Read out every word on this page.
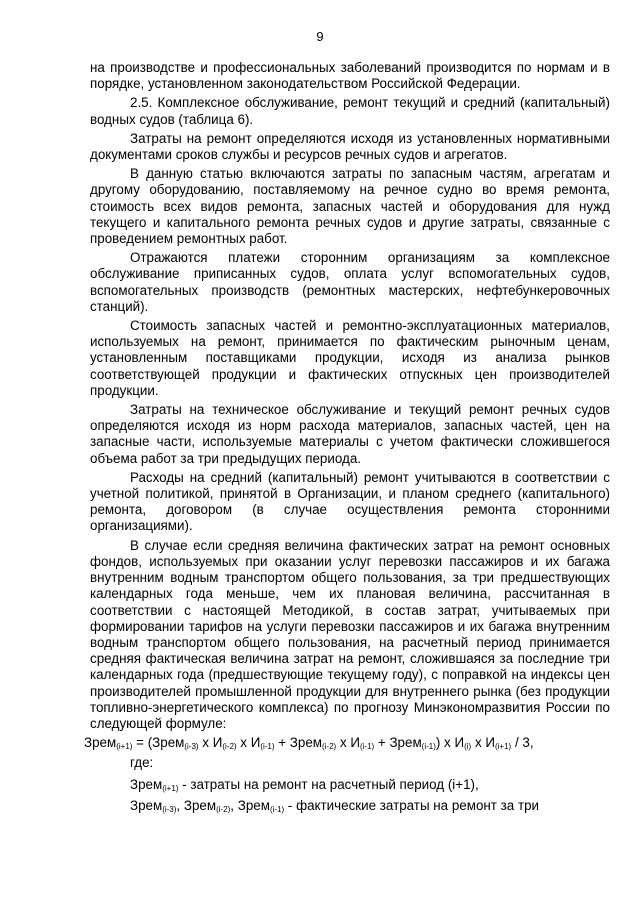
9

на производстве и профессиональных заболеваний производится по нормам и в порядке, установленном законодательством Российской Федерации.

2.5. Комплексное обслуживание, ремонт текущий и средний (капитальный) водных судов (таблица 6).

Затраты на ремонт определяются исходя из установленных нормативными документами сроков службы и ресурсов речных судов и агрегатов.

В данную статью включаются затраты по запасным частям, агрегатам и другому оборудованию, поставляемому на речное судно во время ремонта, стоимость всех видов ремонта, запасных частей и оборудования для нужд текущего и капитального ремонта речных судов и другие затраты, связанные с проведением ремонтных работ.

Отражаются платежи сторонним организациям за комплексное обслуживание приписанных судов, оплата услуг вспомогательных судов, вспомогательных производств (ремонтных мастерских, нефтебункеровочных станций).

Стоимость запасных частей и ремонтно-эксплуатационных материалов, используемых на ремонт, принимается по фактическим рыночным ценам, установленным поставщиками продукции, исходя из анализа рынков соответствующей продукции и фактических отпускных цен производителей продукции.

Затраты на техническое обслуживание и текущий ремонт речных судов определяются исходя из норм расхода материалов, запасных частей, цен на запасные части, используемые материалы с учетом фактически сложившегося объема работ за три предыдущих периода.

Расходы на средний (капитальный) ремонт учитываются в соответствии с учетной политикой, принятой в Организации, и планом среднего (капитального) ремонта, договором (в случае осуществления ремонта сторонними организациями).

В случае если средняя величина фактических затрат на ремонт основных фондов, используемых при оказании услуг перевозки пассажиров и их багажа внутренним водным транспортом общего пользования, за три предшествующих календарных года меньше, чем их плановая величина, рассчитанная в соответствии с настоящей Методикой, в состав затрат, учитываемых при формировании тарифов на услуги перевозки пассажиров и их багажа внутренним водным транспортом общего пользования, на расчетный период принимается средняя фактическая величина затрат на ремонт, сложившаяся за последние три календарных года (предшествующие текущему году), с поправкой на индексы цен производителей промышленной продукции для внутреннего рынка (без продукции топливно-энергетического комплекса) по прогнозу Минэкономразвития России по следующей формуле:

Зрем$_{(i+1)}$ = (Зрем$_{(i-3)}$ х $И_{(i-2)}$ х $И_{(i-1)}$ + Зрем$_{(i-2)}$ х $И_{(i-1)}$ + Зрем$_{(i-1)}$) х $И_{(i)}$ х $И_{(i+1)} / 3$,

где:

Зрем$_{(i+1)}$ - затраты на ремонт на расчетный период (i+1),

Зрем$_{(i-3)}$, Зрем$_{(i-2)}$, Зрем$_{(i-1)}$ - фактические затраты на ремонт за три
